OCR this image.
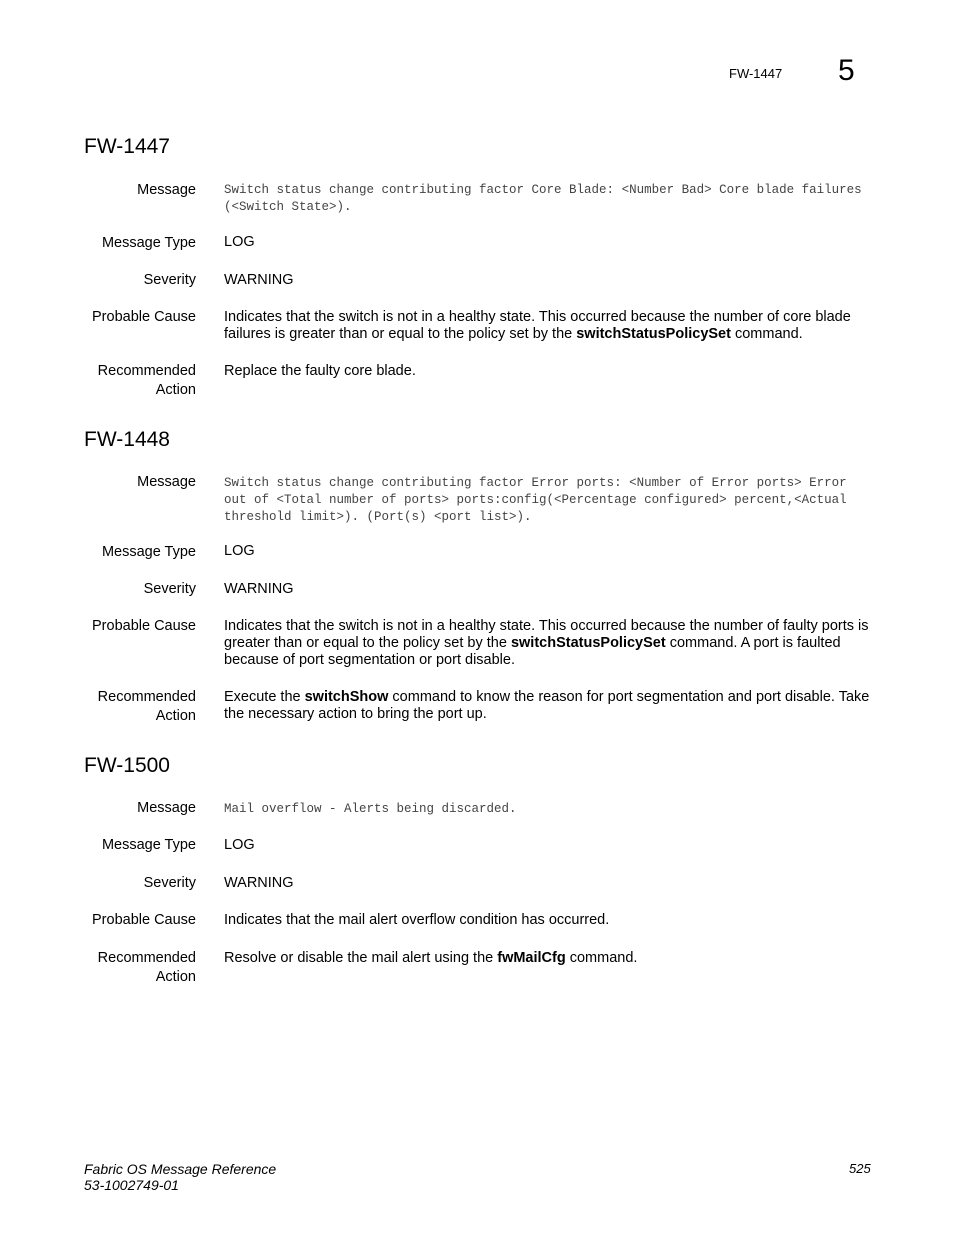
FW-1447 5
FW-1447
Message Switch status change contributing factor Core Blade: <Number Bad> Core blade failures (<Switch State>).
Message Type LOG
Severity WARNING
Probable Cause Indicates that the switch is not in a healthy state. This occurred because the number of core blade failures is greater than or equal to the policy set by the switchStatusPolicySet command.
Recommended
Action
Replace the faulty core blade.
FW-1448
Message Switch status change contributing factor Error ports: <Number of Error ports> Error out of <Total number of ports> ports:config(<Percentage configured> percent,<Actual threshold limit>). (Port(s) <port list>).
Message Type LOG
Severity WARNING
Probable Cause Indicates that the switch is not in a healthy state. This occurred because the number of faulty ports is greater than or equal to the policy set by the switchStatusPolicySet command. A port is faulted because of port segmentation or port disable.
Recommended
Action
Execute the switchShow command to know the reason for port segmentation and port disable. Take the necessary action to bring the port up.
FW-1500
Message Mail overflow - Alerts being discarded.
Message Type LOG
Severity WARNING
Probable Cause Indicates that the mail alert overflow condition has occurred.
Recommended
Action
Resolve or disable the mail alert using the fwMailCfg command.
Fabric OS Message Reference
53-1002749-01
525
